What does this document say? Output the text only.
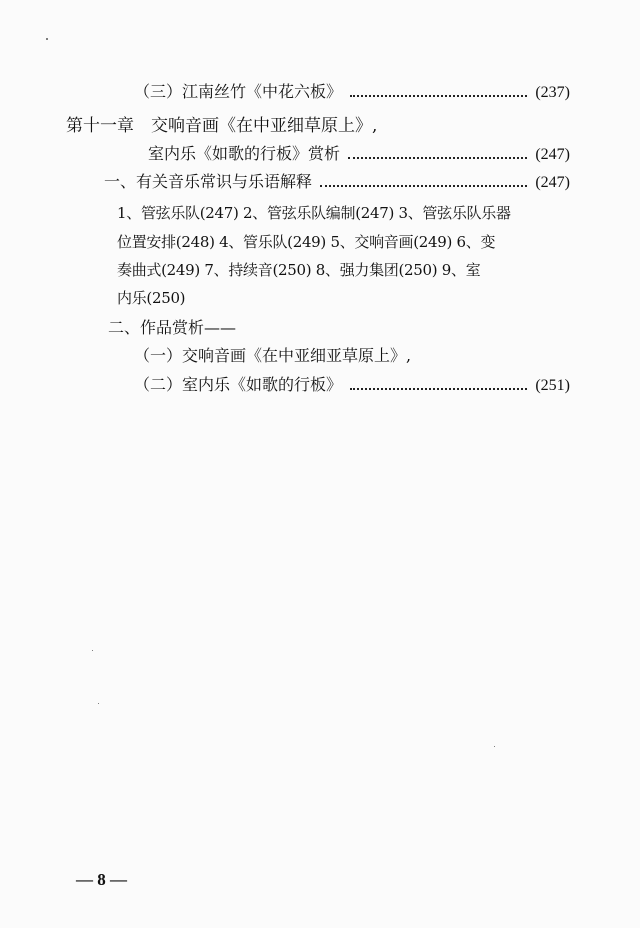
（三）江南丝竹《中花六板》	(237)
第十一章　交响音画《在中亚细草原上》,
室内乐《如歌的行板》赏析	(247)
一、有关音乐常识与乐语解释	(247)
1、管弦乐队(247) 2、管弦乐队编制(247) 3、管弦乐队乐器
位置安排(248) 4、管乐队(249) 5、交响音画(249) 6、变
奏曲式(249) 7、持续音(250) 8、强力集团(250) 9、室
内乐(250)
二、作品赏析——
（一）交响音画《在中亚细亚草原上》,
（二）室内乐《如歌的行板》	(251)
— 8 —
